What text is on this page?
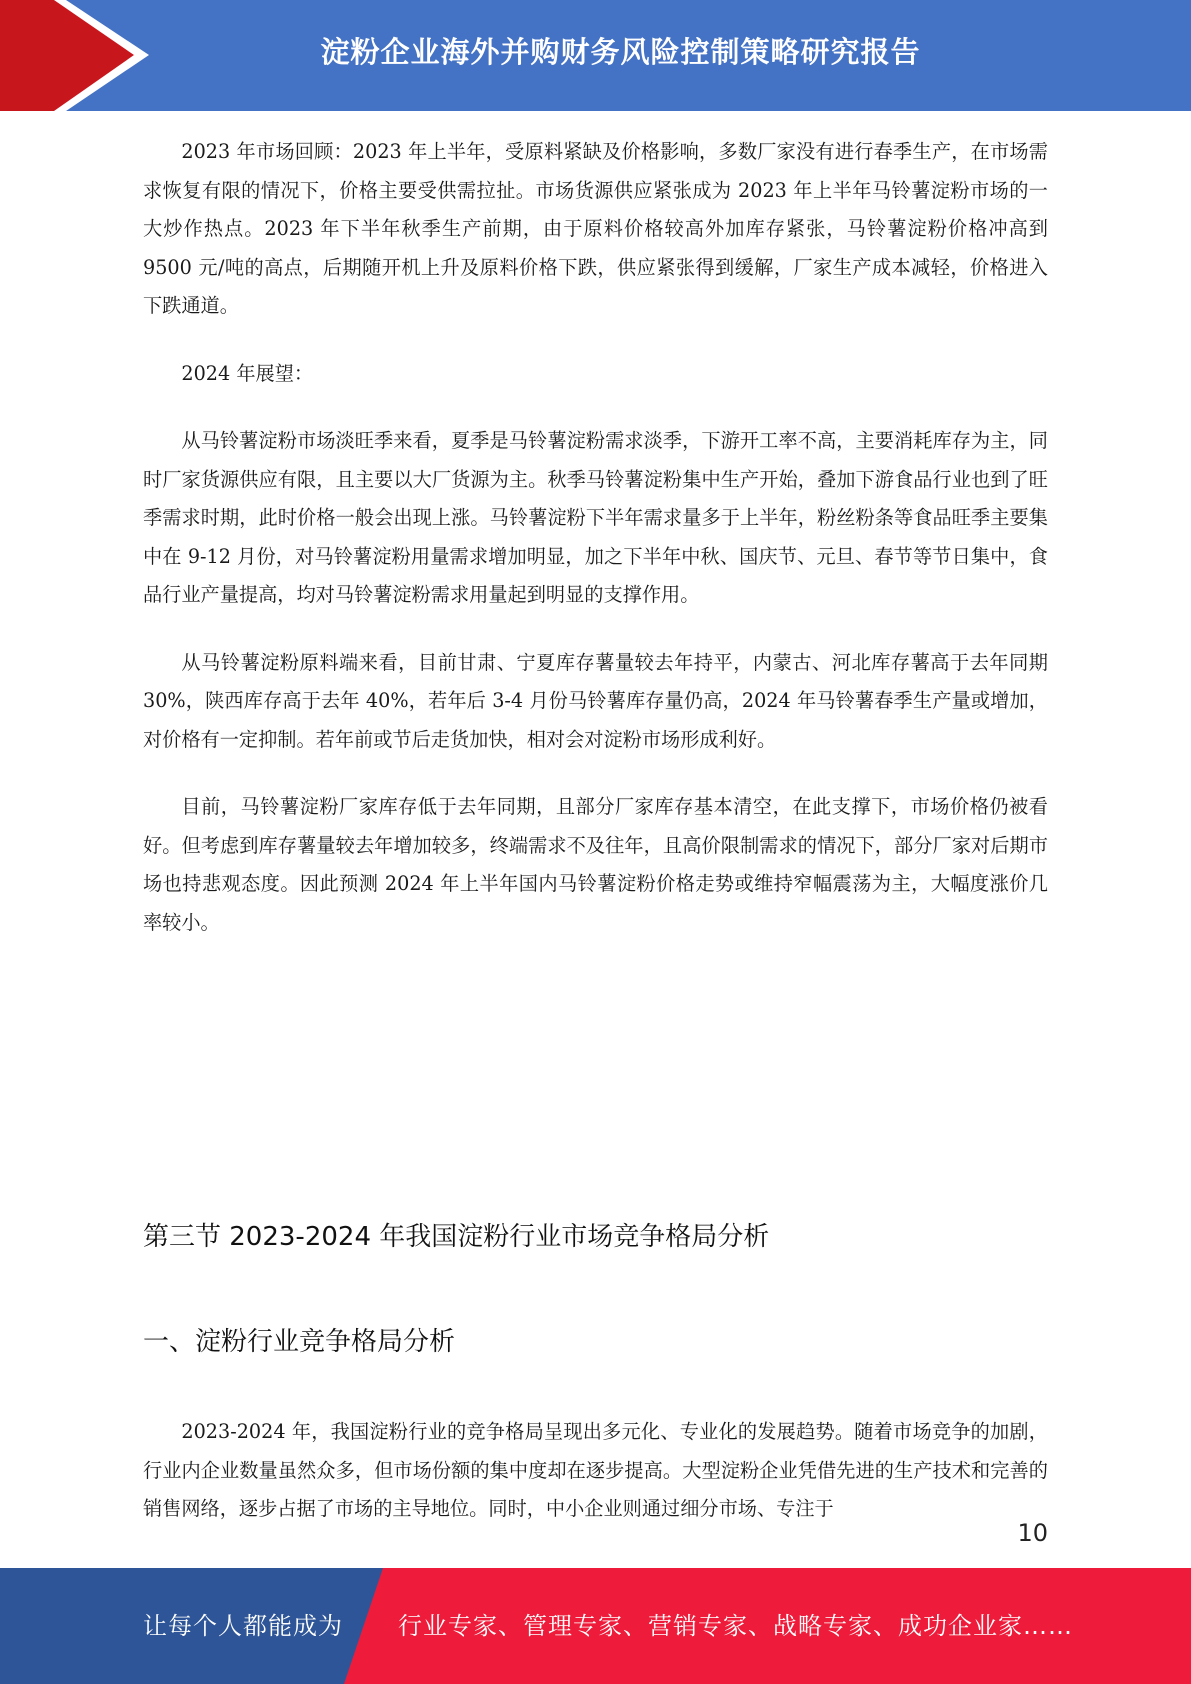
淀粉企业海外并购财务风险控制策略研究报告

2023 年市场回顾：2023 年上半年，受原料紧缺及价格影响，多数厂家没有进行春季生产，在市场需求恢复有限的情况下，价格主要受供需拉扯。市场货源供应紧张成为 2023 年上半年马铃薯淀粉市场的一大炒作热点。2023 年下半年秋季生产前期，由于原料价格较高外加库存紧张，马铃薯淀粉价格冲高到 9500 元/吨的高点，后期随开机上升及原料价格下跌，供应紧张得到缓解，厂家生产成本减轻，价格进入下跌通道。

2024 年展望：

从马铃薯淀粉市场淡旺季来看，夏季是马铃薯淀粉需求淡季，下游开工率不高，主要消耗库存为主，同时厂家货源供应有限，且主要以大厂货源为主。秋季马铃薯淀粉集中生产开始，叠加下游食品行业也到了旺季需求时期，此时价格一般会出现上涨。马铃薯淀粉下半年需求量多于上半年，粉丝粉条等食品旺季主要集中在 9-12 月份，对马铃薯淀粉用量需求增加明显，加之下半年中秋、国庆节、元旦、春节等节日集中，食品行业产量提高，均对马铃薯淀粉需求用量起到明显的支撑作用。

从马铃薯淀粉原料端来看，目前甘肃、宁夏库存薯量较去年持平，内蒙古、河北库存薯高于去年同期 30%，陕西库存高于去年 40%，若年后 3-4 月份马铃薯库存量仍高，2024 年马铃薯春季生产量或增加，对价格有一定抑制。若年前或节后走货加快，相对会对淀粉市场形成利好。

目前，马铃薯淀粉厂家库存低于去年同期，且部分厂家库存基本清空，在此支撑下，市场价格仍被看好。但考虑到库存薯量较去年增加较多，终端需求不及往年，且高价限制需求的情况下，部分厂家对后期市场也持悲观态度。因此预测 2024 年上半年国内马铃薯淀粉价格走势或维持窄幅震荡为主，大幅度涨价几率较小。

第三节 2023-2024 年我国淀粉行业市场竞争格局分析
一、淀粉行业竞争格局分析

2023-2024 年，我国淀粉行业的竞争格局呈现出多元化、专业化的发展趋势。随着市场竞争的加剧，行业内企业数量虽然众多，但市场份额的集中度却在逐步提高。大型淀粉企业凭借先进的生产技术和完善的销售网络，逐步占据了市场的主导地位。同时，中小企业则通过细分市场、专注于

10
让每个人都能成为 行业专家、管理专家、营销专家、战略专家、成功企业家……
